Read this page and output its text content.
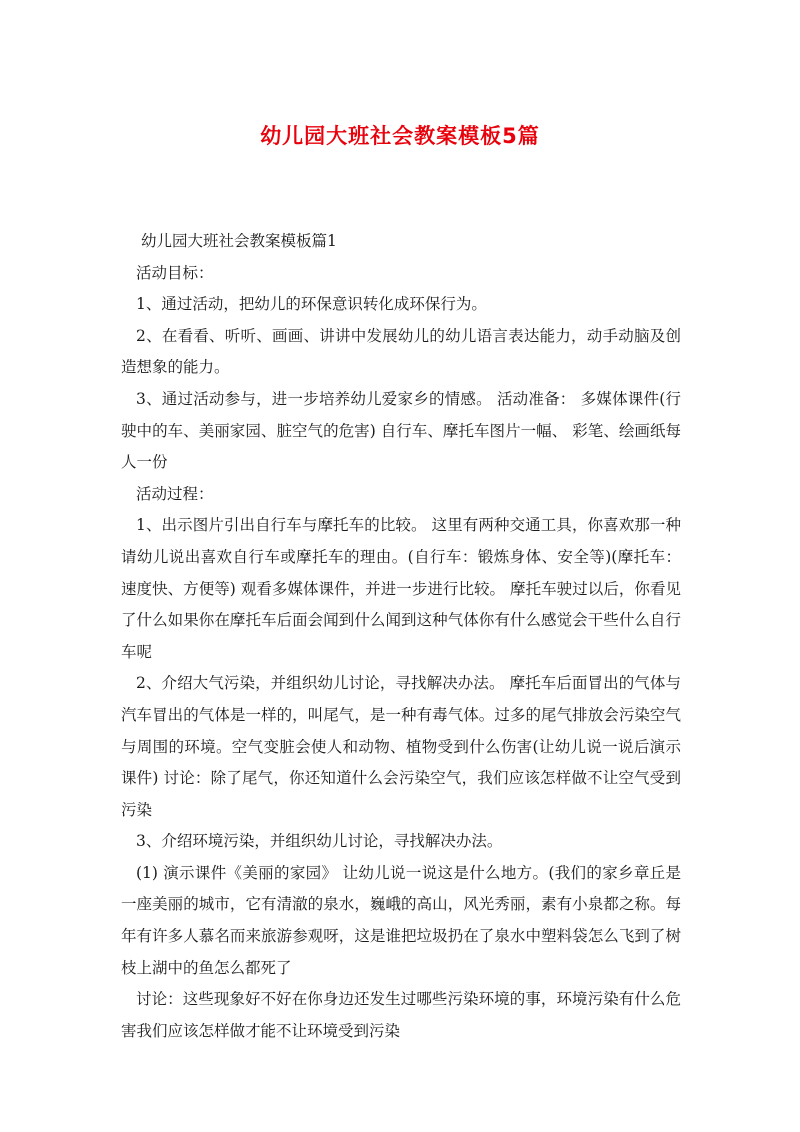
幼儿园大班社会教案模板5篇

幼儿园大班社会教案模板篇1

活动目标：

1、通过活动，把幼儿的环保意识转化成环保行为。

2、在看看、听听、画画、讲讲中发展幼儿的幼儿语言表达能力，动手动脑及创造想象的能力。

3、通过活动参与，进一步培养幼儿爱家乡的情感。 活动准备： 多媒体课件(行驶中的车、美丽家园、脏空气的危害) 自行车、摩托车图片一幅、 彩笔、绘画纸每人一份

活动过程：

1、出示图片引出自行车与摩托车的比较。 这里有两种交通工具，你喜欢那一种请幼儿说出喜欢自行车或摩托车的理由。(自行车：锻炼身体、安全等)(摩托车：速度快、方便等) 观看多媒体课件，并进一步进行比较。 摩托车驶过以后，你看见了什么如果你在摩托车后面会闻到什么闻到这种气体你有什么感觉会干些什么自行车呢

2、介绍大气污染，并组织幼儿讨论，寻找解决办法。 摩托车后面冒出的气体与汽车冒出的气体是一样的，叫尾气，是一种有毒气体。过多的尾气排放会污染空气与周围的环境。空气变脏会使人和动物、植物受到什么伤害(让幼儿说一说后演示课件) 讨论：除了尾气，你还知道什么会污染空气，我们应该怎样做不让空气受到污染

3、介绍环境污染，并组织幼儿讨论，寻找解决办法。

(1) 演示课件《美丽的家园》 让幼儿说一说这是什么地方。(我们的家乡章丘是一座美丽的城市，它有清澈的泉水，巍峨的高山，风光秀丽，素有小泉都之称。每年有许多人慕名而来旅游参观呀，这是谁把垃圾扔在了泉水中塑料袋怎么飞到了树枝上湖中的鱼怎么都死了

讨论：这些现象好不好在你身边还发生过哪些污染环境的事，环境污染有什么危害我们应该怎样做才能不让环境受到污染
